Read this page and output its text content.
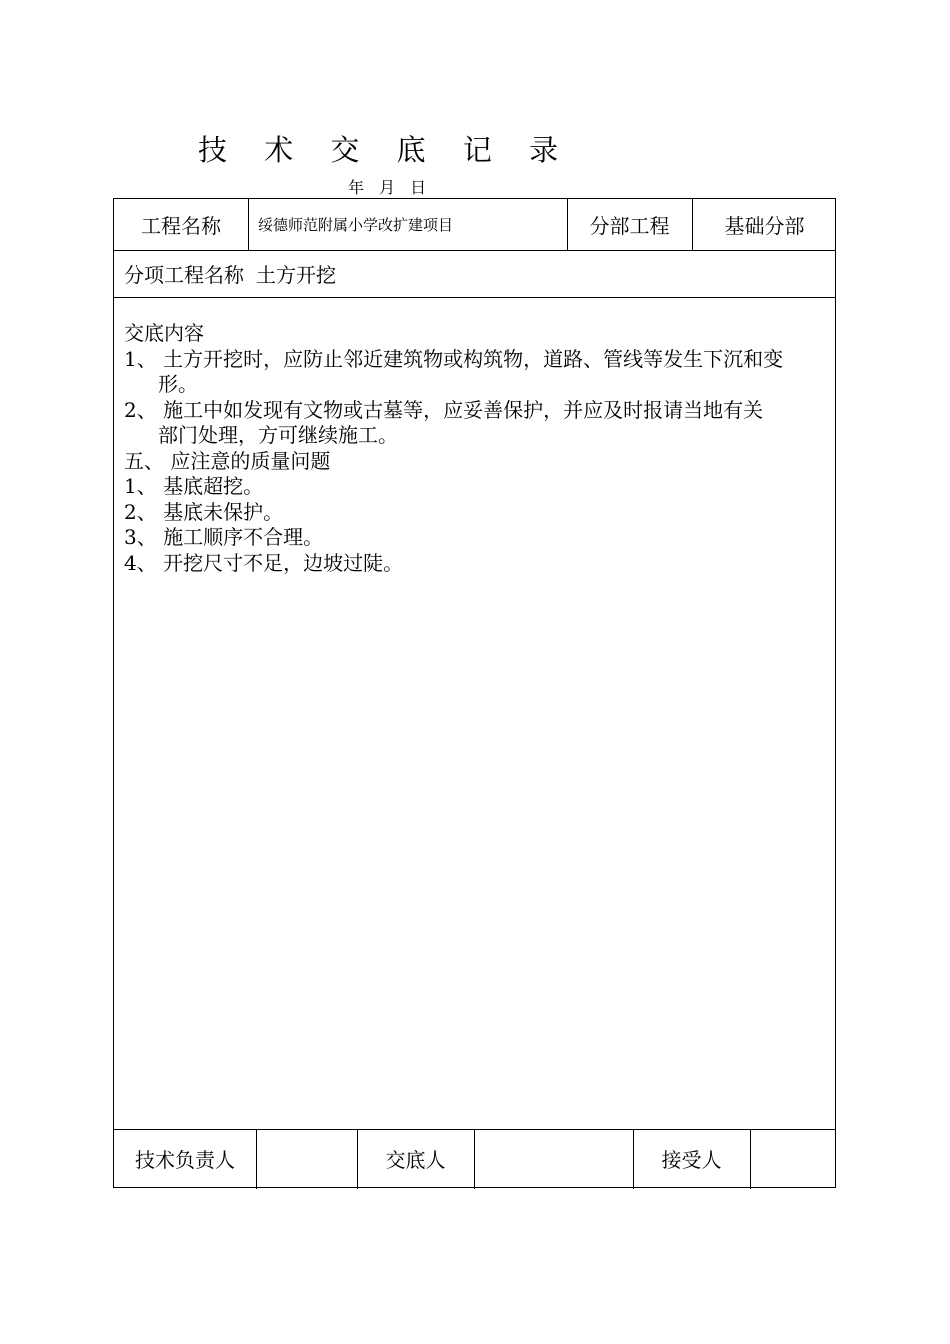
技 术 交 底 记 录
年 月 日
工程名称	绥德师范附属小学改扩建项目	分部工程	基础分部
分项工程名称 土方开挖
交底内容
1、 土方开挖时，应防止邻近建筑物或构筑物，道路、管线等发生下沉和变
形。
2、 施工中如发现有文物或古墓等，应妥善保护，并应及时报请当地有关
部门处理，方可继续施工。
五、 应注意的质量问题
1、 基底超挖。
2、 基底未保护。
3、 施工顺序不合理。
4、 开挖尺寸不足，边坡过陡。
技术负责人	交底人	接受人
